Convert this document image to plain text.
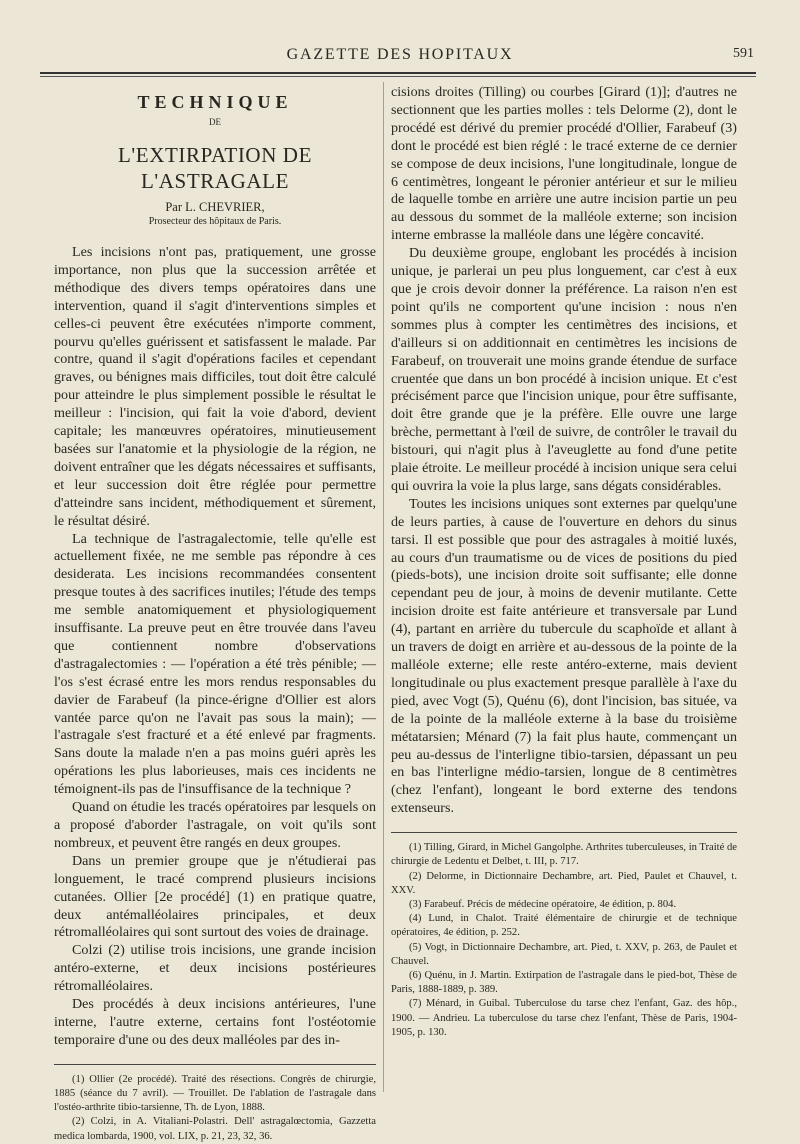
GAZETTE DES HOPITAUX	591
TECHNIQUE
DE
L'EXTIRPATION DE L'ASTRAGALE
Par L. CHEVRIER,
Prosecteur des hôpitaux de Paris.

Les incisions n'ont pas, pratiquement, une grosse importance, non plus que la succession arrêtée et méthodique des divers temps opératoires dans une intervention, quand il s'agit d'interventions simples et celles-ci peuvent être exécutées n'importe comment, pourvu qu'elles guérissent et satisfassent le malade. Par contre, quand il s'agit d'opérations faciles et cependant graves, ou bénignes mais difficiles, tout doit être calculé pour atteindre le plus simplement possible le résultat le meilleur : l'incision, qui fait la voie d'abord, devient capitale; les manœuvres opératoires, minutieusement basées sur l'anatomie et la physiologie de la région, ne doivent entraîner que les dégats nécessaires et suffisants, et leur succession doit être réglée pour permettre d'atteindre sans incident, méthodiquement et sûrement, le résultat désiré.

La technique de l'astragalectomie, telle qu'elle est actuellement fixée, ne me semble pas répondre à ces desiderata. Les incisions recommandées consentent presque toutes à des sacrifices inutiles; l'étude des temps me semble anatomiquement et physiologiquement insuffisante. La preuve peut en être trouvée dans l'aveu que contiennent nombre d'observations d'astragalectomies : — l'opération a été très pénible; — l'os s'est écrasé entre les mors rendus responsables du davier de Farabeuf (la pince-érigne d'Ollier est alors vantée parce qu'on ne l'avait pas sous la main); — l'astragale s'est fracturé et a été enlevé par fragments. Sans doute la malade n'en a pas moins guéri après les opérations les plus laborieuses, mais ces incidents ne témoignent-ils pas de l'insuffisance de la technique ?

Quand on étudie les tracés opératoires par lesquels on a proposé d'aborder l'astragale, on voit qu'ils sont nombreux, et peuvent être rangés en deux groupes.

Dans un premier groupe que je n'étudierai pas longuement, le tracé comprend plusieurs incisions cutanées. Ollier [2e procédé] (1) en pratique quatre, deux antémalléolaires principales, et deux rétromalléolaires qui sont surtout des voies de drainage.

Colzi (2) utilise trois incisions, une grande incision antéro-externe, et deux incisions postérieures rétromalléolaires.

Des procédés à deux incisions antérieures, l'une interne, l'autre externe, certains font l'ostéotomie temporaire d'une ou des deux malléoles par des in-

(1) Ollier (2e procédé). Traité des résections. Congrès de chirurgie, 1885 (séance du 7 avril). — Trouillet. De l'ablation de l'astragale dans l'ostéo-arthrite tibio-tarsienne, Th. de Lyon, 1888.

(2) Colzi, in A. Vitaliani-Polastri. Dell' astragalœctomia, Gazzetta medica lombarda, 1900, vol. LIX, p. 21, 23, 32, 36.

cisions droites (Tilling) ou courbes [Girard (1)]; d'autres ne sectionnent que les parties molles : tels Delorme (2), dont le procédé est dérivé du premier procédé d'Ollier, Farabeuf (3) dont le procédé est bien réglé : le tracé externe de ce dernier se compose de deux incisions, l'une longitudinale, longue de 6 centimètres, longeant le péronier antérieur et sur le milieu de laquelle tombe en arrière une autre incision partie un peu au dessous du sommet de la malléole externe; son incision interne embrasse la malléole dans une légère concavité.

Du deuxième groupe, englobant les procédés à incision unique, je parlerai un peu plus longuement, car c'est à eux que je crois devoir donner la préférence. La raison n'en est point qu'ils ne comportent qu'une incision : nous n'en sommes plus à compter les centimètres des incisions, et d'ailleurs si on additionnait en centimètres les incisions de Farabeuf, on trouverait une moins grande étendue de surface cruentée que dans un bon procédé à incision unique. Et c'est précisément parce que l'incision unique, pour être suffisante, doit être grande que je la préfère. Elle ouvre une large brèche, permettant à l'œil de suivre, de contrôler le travail du bistouri, qui n'agit plus à l'aveuglette au fond d'une petite plaie étroite. Le meilleur procédé à incision unique sera celui qui ouvrira la voie la plus large, sans dégats considérables.

Toutes les incisions uniques sont externes par quelqu'une de leurs parties, à cause de l'ouverture en dehors du sinus tarsi. Il est possible que pour des astragales à moitié luxés, au cours d'un traumatisme ou de vices de positions du pied (pieds-bots), une incision droite soit suffisante; elle donne cependant peu de jour, à moins de devenir mutilante. Cette incision droite est faite antérieure et transversale par Lund (4), partant en arrière du tubercule du scaphoïde et allant à un travers de doigt en arrière et au-dessous de la pointe de la malléole externe; elle reste antéro-externe, mais devient longitudinale ou plus exactement presque parallèle à l'axe du pied, avec Vogt (5), Quénu (6), dont l'incision, bas située, va de la pointe de la malléole externe à la base du troisième métatarsien; Ménard (7) la fait plus haute, commençant un peu au-dessus de l'interligne tibio-tarsien, dépassant un peu en bas l'interligne médio-tarsien, longue de 8 centimètres (chez l'enfant), longeant le bord externe des tendons extenseurs.

(1) Tilling, Girard, in Michel Gangolphe. Arthrites tuberculeuses, in Traité de chirurgie de Ledentu et Delbet, t. III, p. 717.

(2) Delorme, in Dictionnaire Dechambre, art. Pied, Paulet et Chauvel, t. XXV.

(3) Farabeuf. Précis de médecine opératoire, 4e édition, p. 804.

(4) Lund, in Chalot. Traité élémentaire de chirurgie et de technique opératoires, 4e édition, p. 252.

(5) Vogt, in Dictionnaire Dechambre, art. Pied, t. XXV, p. 263, de Paulet et Chauvel.

(6) Quénu, in J. Martin. Extirpation de l'astragale dans le pied-bot, Thèse de Paris, 1888-1889, p. 389.

(7) Ménard, in Guibal. Tuberculose du tarse chez l'enfant, Gaz. des hôp., 1900. — Andrieu. La tuberculose du tarse chez l'enfant, Thèse de Paris, 1904-1905, p. 130.
